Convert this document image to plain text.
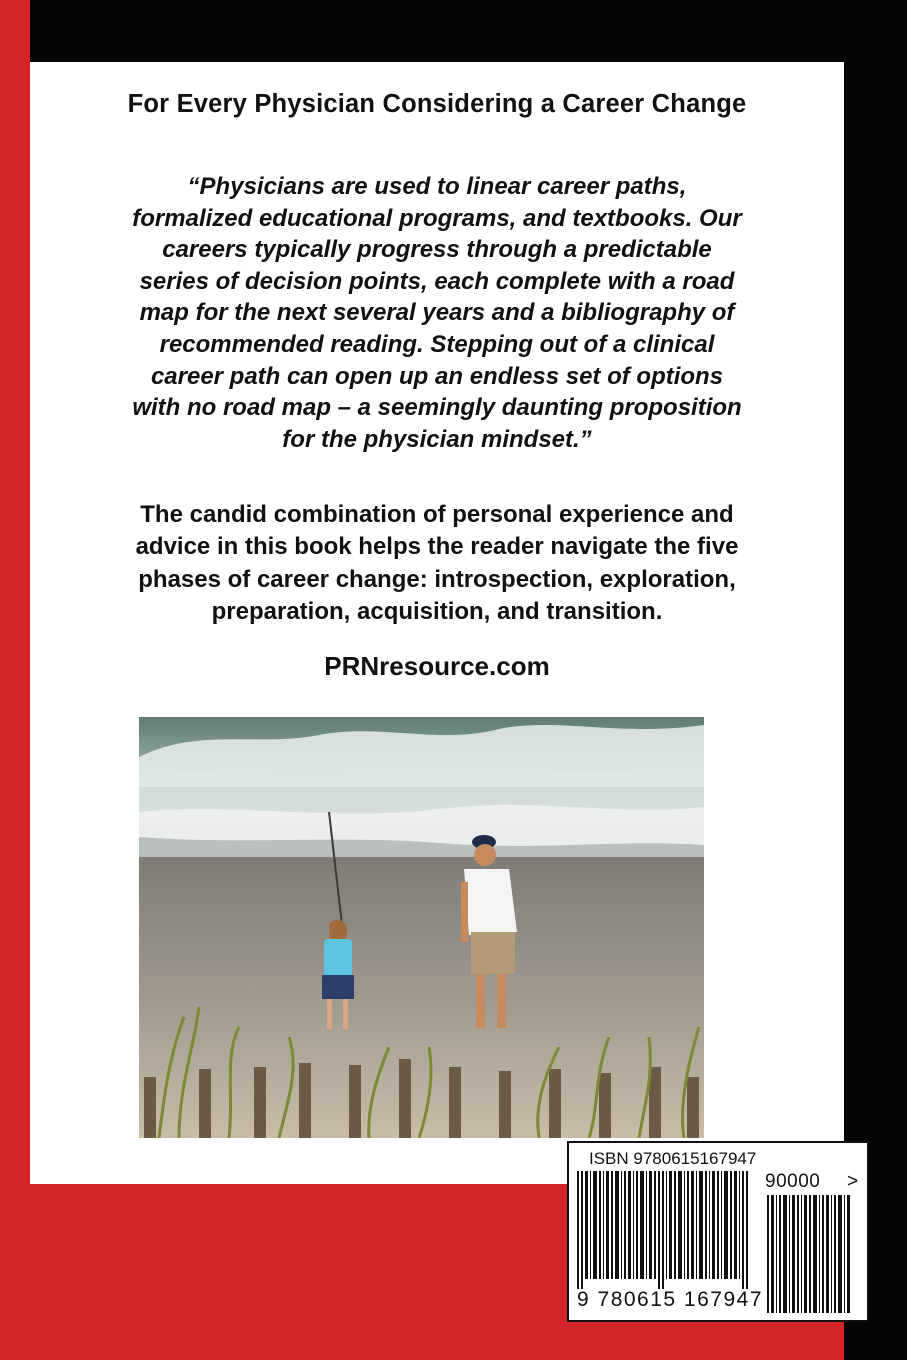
For Every Physician Considering a Career Change
“Physicians are used to linear career paths,
formalized educational programs, and textbooks. Our
careers typically progress through a predictable
series of decision points, each complete with a road
map for the next several years and a bibliography of
recommended reading. Stepping out of a clinical
career path can open up an endless set of options
with no road map – a seemingly daunting proposition
for the physician mindset.”
The candid combination of personal experience and
advice in this book helps the reader navigate the five
phases of career change: introspection, exploration,
preparation, acquisition, and transition.
PRNresource.com
ISBN 9780615167947
90000 >
9 780615 167947
